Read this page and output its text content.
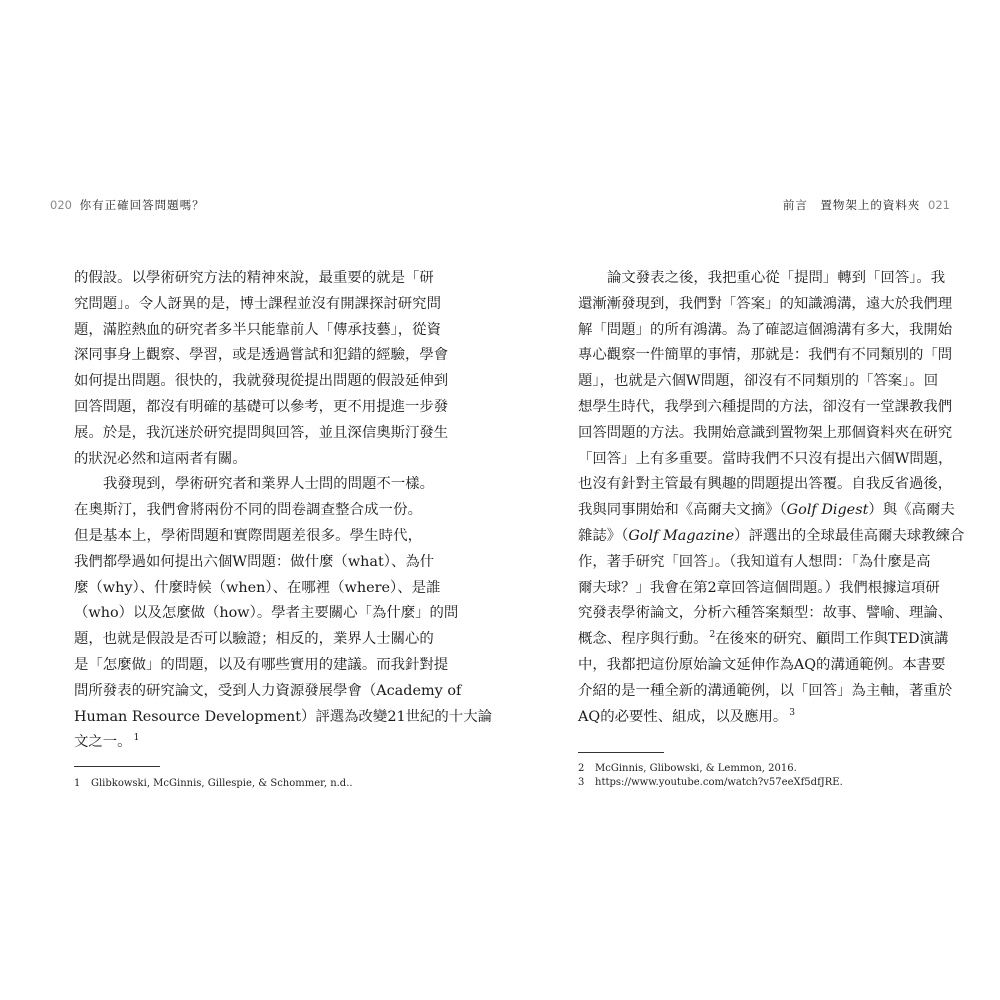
020 你有正確回答問題嗎？	前言　置物架上的資料夾 021
的假設。以學術研究方法的精神來說，最重要的就是「研
究問題」。令人訝異的是，博士課程並沒有開課探討研究問
題，滿腔熱血的研究者多半只能靠前人「傳承技藝」，從資
深同事身上觀察、學習，或是透過嘗試和犯錯的經驗，學會
如何提出問題。很快的，我就發現從提出問題的假設延伸到
回答問題，都沒有明確的基礎可以參考，更不用提進一步發
展。於是，我沉迷於研究提問與回答，並且深信奧斯汀發生
的狀況必然和這兩者有關。
我發現到，學術研究者和業界人士問的問題不一樣。
在奧斯汀，我們會將兩份不同的問卷調查整合成一份。
但是基本上，學術問題和實際問題差很多。學生時代，
我們都學過如何提出六個W問題：做什麼（what）、為什
麼（why）、什麼時候（when）、在哪裡（where）、是誰
（who）以及怎麼做（how）。學者主要關心「為什麼」的問
題，也就是假設是否可以驗證；相反的，業界人士關心的
是「怎麼做」的問題，以及有哪些實用的建議。而我針對提
問所發表的研究論文，受到人力資源發展學會（Academy of
Human Resource Development）評選為改變21世紀的十大論
文之一。 $^1$
1 Glibkowski, McGinnis, Gillespie, & Schommer, n.d..
論文發表之後，我把重心從「提問」轉到「回答」。我
還漸漸發現到，我們對「答案」的知識鴻溝，遠大於我們理
解「問題」的所有鴻溝。為了確認這個鴻溝有多大，我開始
專心觀察一件簡單的事情，那就是：我們有不同類別的「問
題」，也就是六個W問題，卻沒有不同類別的「答案」。回
想學生時代，我學到六種提問的方法，卻沒有一堂課教我們
回答問題的方法。我開始意識到置物架上那個資料夾在研究
「回答」上有多重要。當時我們不只沒有提出六個W問題，
也沒有針對主管最有興趣的問題提出答覆。自我反省過後，
我與同事開始和《高爾夫文摘》（Golf Digest）與《高爾夫
雜誌》（Golf Magazine）評選出的全球最佳高爾夫球教練合
作，著手研究「回答」。（我知道有人想問：「為什麼是高
爾夫球？」我會在第2章回答這個問題。）我們根據這項研
究發表學術論文，分析六種答案類型：故事、譬喻、理論、
概念、程序與行動。 $^2$在後來的研究、顧問工作與TED演講
中，我都把這份原始論文延伸作為AQ的溝通範例。本書要
介紹的是一種全新的溝通範例，以「回答」為主軸，著重於
AQ的必要性、組成，以及應用。 $^3$
2 McGinnis, Glibowski, & Lemmon, 2016.
3 https://www.youtube.com/watch?v57eeXf5dfJRE.
